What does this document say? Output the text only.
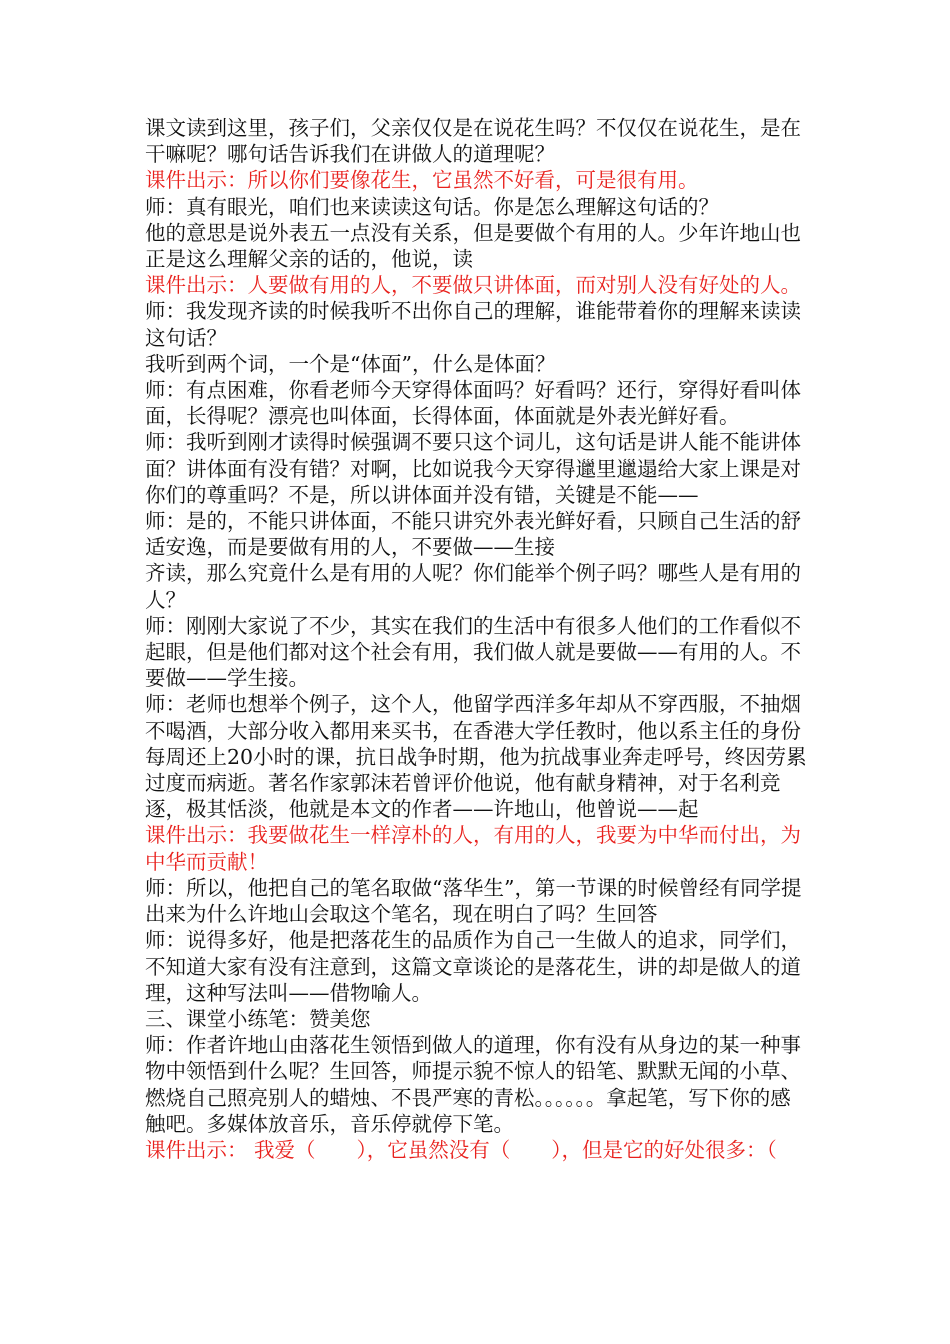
课文读到这里，孩子们，父亲仅仅是在说花生吗？不仅仅在说花生，是在干嘛呢？哪句话告诉我们在讲做人的道理呢？

课件出示：所以你们要像花生，它虽然不好看，可是很有用。

师：真有眼光，咱们也来读读这句话。你是怎么理解这句话的？

他的意思是说外表五一点没有关系，但是要做个有用的人。少年许地山也正是这么理解父亲的话的，他说，读

课件出示：人要做有用的人，不要做只讲体面，而对别人没有好处的人。

师：我发现齐读的时候我听不出你自己的理解，谁能带着你的理解来读读这句话？

我听到两个词，一个是“体面”，什么是体面？

师：有点困难，你看老师今天穿得体面吗？好看吗？还行，穿得好看叫体面，长得呢？漂亮也叫体面，长得体面，体面就是外表光鲜好看。

师：我听到刚才读得时候强调不要只这个词儿，这句话是讲人能不能讲体面？讲体面有没有错？对啊，比如说我今天穿得邋里邋遢给大家上课是对你们的尊重吗？不是，所以讲体面并没有错，关键是不能——

师：是的，不能只讲体面，不能只讲究外表光鲜好看，只顾自己生活的舒适安逸，而是要做有用的人，不要做——生接

齐读，那么究竟什么是有用的人呢？你们能举个例子吗？哪些人是有用的人？

师：刚刚大家说了不少，其实在我们的生活中有很多人他们的工作看似不起眼，但是他们都对这个社会有用，我们做人就是要做——有用的人。不要做——学生接。

师：老师也想举个例子，这个人，他留学西洋多年却从不穿西服，不抽烟不喝酒，大部分收入都用来买书，在香港大学任教时，他以系主任的身份每周还上20小时的课，抗日战争时期，他为抗战事业奔走呼号，终因劳累过度而病逝。著名作家郭沫若曾评价他说，他有献身精神，对于名利竞逐，极其恬淡，他就是本文的作者——许地山，他曾说——起

课件出示：我要做花生一样淳朴的人，有用的人，我要为中华而付出，为中华而贡献！

师：所以，他把自己的笔名取做“落华生”，第一节课的时候曾经有同学提出来为什么许地山会取这个笔名，现在明白了吗？生回答

师：说得多好，他是把落花生的品质作为自己一生做人的追求，同学们，不知道大家有没有注意到，这篇文章谈论的是落花生，讲的却是做人的道理，这种写法叫——借物喻人。

三、课堂小练笔：赞美您

师：作者许地山由落花生领悟到做人的道理，你有没有从身边的某一种事物中领悟到什么呢？生回答，师提示貌不惊人的铅笔、默默无闻的小草、燃烧自己照亮别人的蜡烛、不畏严寒的青松。。。。。。拿起笔，写下你的感触吧。多媒体放音乐，音乐停就停下笔。

课件出示： 我爱（　　），它虽然没有（　　），但是它的好处很多：（
